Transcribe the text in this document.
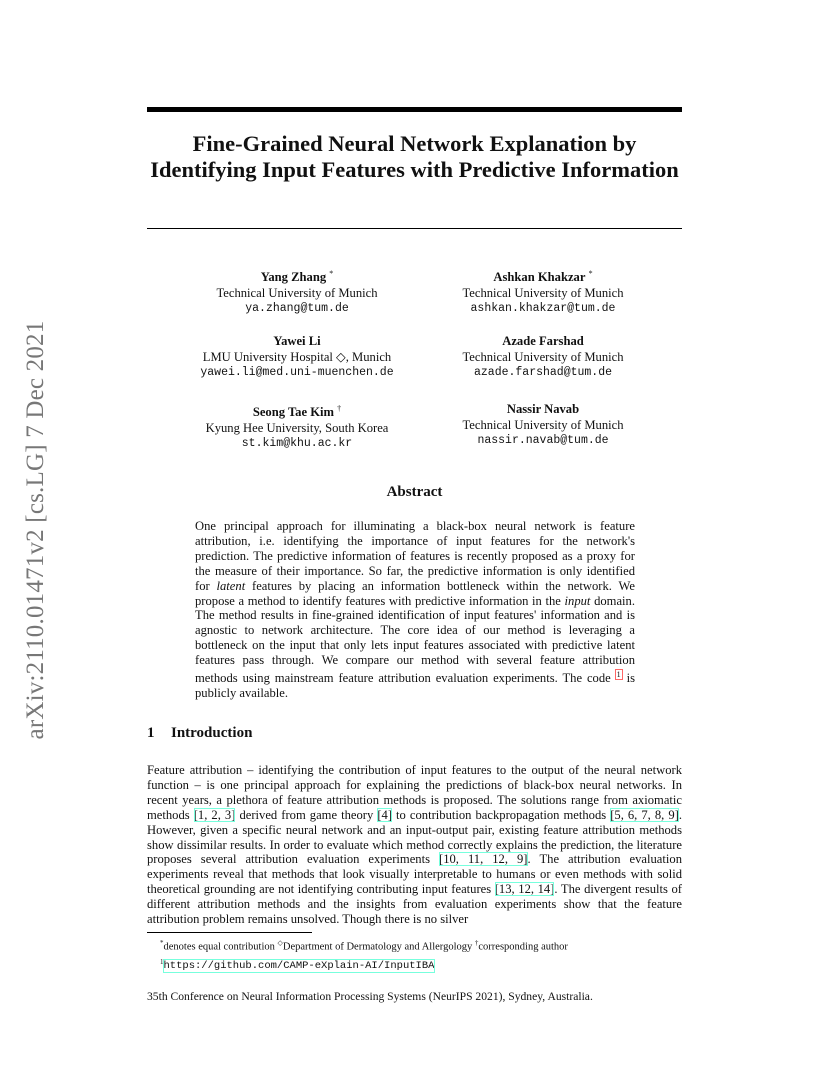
arXiv:2110.01471v2 [cs.LG] 7 Dec 2021
Fine-Grained Neural Network Explanation by Identifying Input Features with Predictive Information
Yang Zhang *
Technical University of Munich
ya.zhang@tum.de
Ashkan Khakzar *
Technical University of Munich
ashkan.khakzar@tum.de
Yawei Li
LMU University Hospital ◇, Munich
yawei.li@med.uni-muenchen.de
Azade Farshad
Technical University of Munich
azade.farshad@tum.de
Seong Tae Kim †
Kyung Hee University, South Korea
st.kim@khu.ac.kr
Nassir Navab
Technical University of Munich
nassir.navab@tum.de
Abstract

One principal approach for illuminating a black-box neural network is feature attribution, i.e. identifying the importance of input features for the network's prediction. The predictive information of features is recently proposed as a proxy for the measure of their importance. So far, the predictive information is only identified for latent features by placing an information bottleneck within the network. We propose a method to identify features with predictive information in the input domain. The method results in fine-grained identification of input features' information and is agnostic to network architecture. The core idea of our method is leveraging a bottleneck on the input that only lets input features associated with predictive latent features pass through. We compare our method with several feature attribution methods using mainstream feature attribution evaluation experiments. The code $^1$ is publicly available.

1 Introduction

Feature attribution – identifying the contribution of input features to the output of the neural network function – is one principal approach for explaining the predictions of black-box neural networks. In recent years, a plethora of feature attribution methods is proposed. The solutions range from axiomatic methods [1, 2, 3] derived from game theory [4] to contribution backpropagation methods [5, 6, 7, 8, 9]. However, given a specific neural network and an input-output pair, existing feature attribution methods show dissimilar results. In order to evaluate which method correctly explains the prediction, the literature proposes several attribution evaluation experiments [10, 11, 12, 9]. The attribution evaluation experiments reveal that methods that look visually interpretable to humans or even methods with solid theoretical grounding are not identifying contributing input features [13, 12, 14]. The divergent results of different attribution methods and the insights from evaluation experiments show that the feature attribution problem remains unsolved. Though there is no silver

*denotes equal contribution ◇Department of Dermatology and Allergology †corresponding author
$^1$https://github.com/CAMP-eXplain-AI/InputIBA
35th Conference on Neural Information Processing Systems (NeurIPS 2021), Sydney, Australia.
